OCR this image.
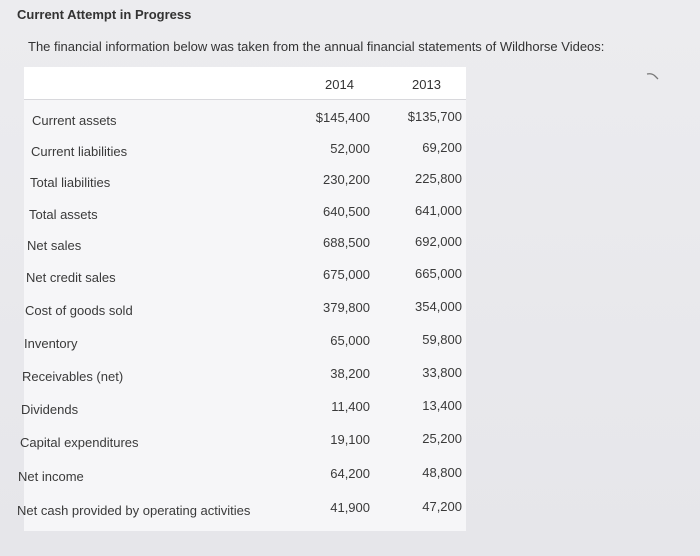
Current Attempt in Progress
The financial information below was taken from the annual financial statements of Wildhorse Videos:
2014	2013
Current assets	$145,400	$135,700
Current liabilities	52,000	69,200
Total liabilities	230,200	225,800
Total assets	640,500	641,000
Net sales	688,500	692,000
Net credit sales	675,000	665,000
Cost of goods sold	379,800	354,000
Inventory	65,000	59,800
Receivables (net)	38,200	33,800
Dividends	11,400	13,400
Capital expenditures	19,100	25,200
Net income	64,200	48,800
Net cash provided by operating activities	41,900	47,200
